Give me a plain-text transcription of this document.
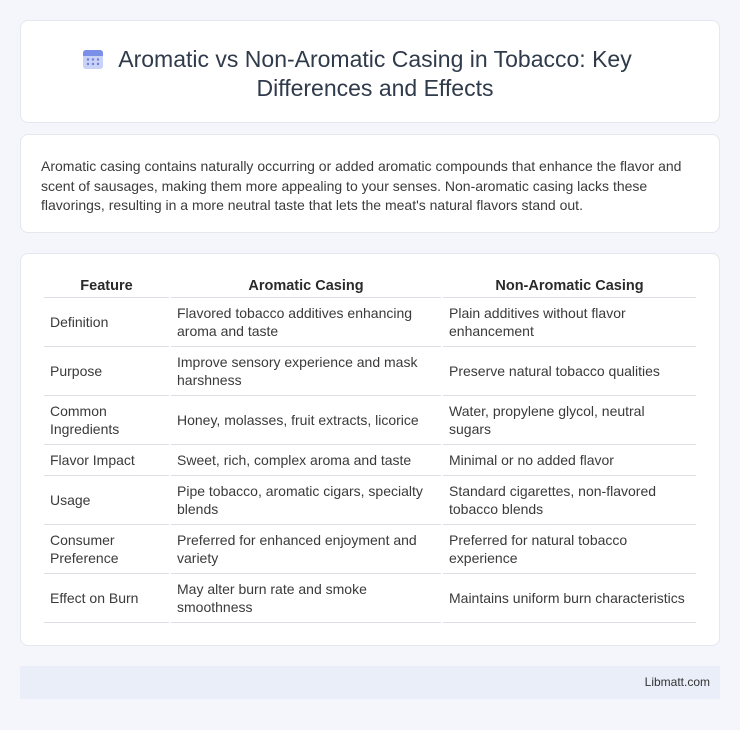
Aromatic vs Non-Aromatic Casing in Tobacco: Key Differences and Effects

Aromatic casing contains naturally occurring or added aromatic compounds that enhance the flavor and scent of sausages, making them more appealing to your senses. Non-aromatic casing lacks these flavorings, resulting in a more neutral taste that lets the meat's natural flavors stand out.

Feature	Aromatic Casing	Non-Aromatic Casing
Definition	Flavored tobacco additives enhancing aroma and taste	Plain additives without flavor enhancement
Purpose	Improve sensory experience and mask harshness	Preserve natural tobacco qualities
Common Ingredients	Honey, molasses, fruit extracts, licorice	Water, propylene glycol, neutral sugars
Flavor Impact	Sweet, rich, complex aroma and taste	Minimal or no added flavor
Usage	Pipe tobacco, aromatic cigars, specialty blends	Standard cigarettes, non-flavored tobacco blends
Consumer Preference	Preferred for enhanced enjoyment and variety	Preferred for natural tobacco experience
Effect on Burn	May alter burn rate and smoke smoothness	Maintains uniform burn characteristics
Libmatt.com
